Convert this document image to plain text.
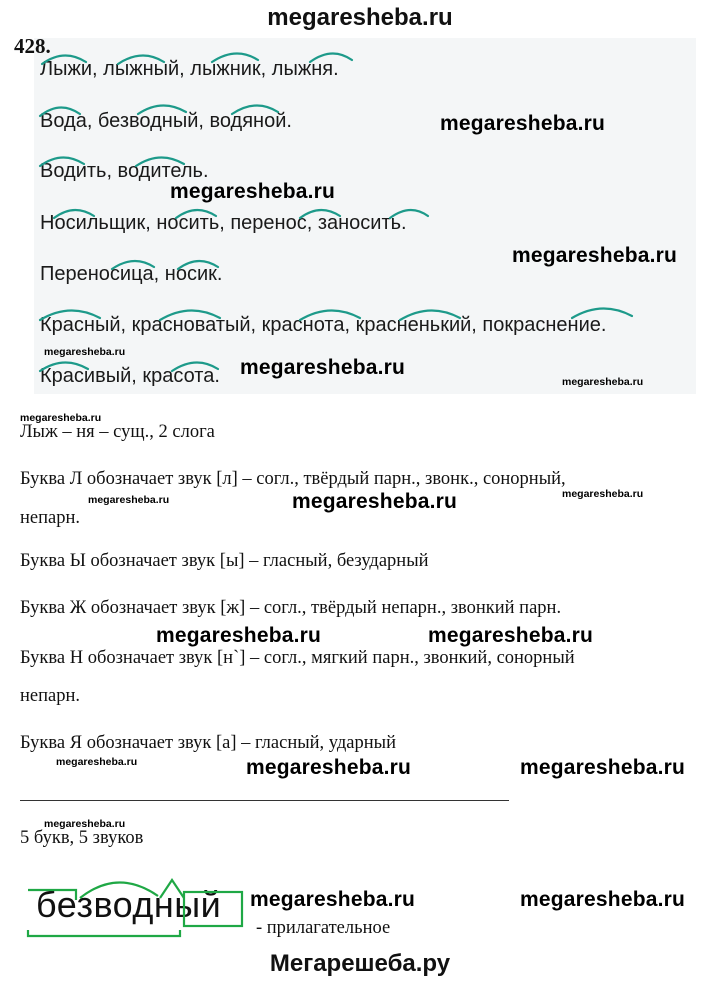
megaresheba.ru
428.
Лыжи, лыжный, лыжник, лыжня.
Вода, безводный, водяной.
Водить, водитель.
Носильщик, носить, перенос, заносить.
Переносица, носик.
Красный, красноватый, краснота, красненький, покраснение.
Красивый, красота.
megaresheba.ru
megaresheba.ru
megaresheba.ru
megaresheba.ru
megaresheba.ru
megaresheba.ru
megaresheba.ru
Лыж – ня – сущ., 2 слога
Буква Л обозначает звук [л] – согл., твёрдый парн., звонк., сонорный,
megaresheba.ru	megaresheba.ru	megaresheba.ru
непарн.
Буква Ы обозначает звук [ы] – гласный, безударный
Буква Ж обозначает звук [ж] – согл., твёрдый непарн., звонкий парн.
megaresheba.ru	megaresheba.ru
Буква Н обозначает звук [н`] – согл., мягкий парн., звонкий, сонорный
непарн.
Буква Я обозначает звук [а] – гласный, ударный
megaresheba.ru	megaresheba.ru	megaresheba.ru
megaresheba.ru
5 букв, 5 звуков
безводный megaresheba.ru	megaresheba.ru
- прилагательное
Мегарешеба.ру
